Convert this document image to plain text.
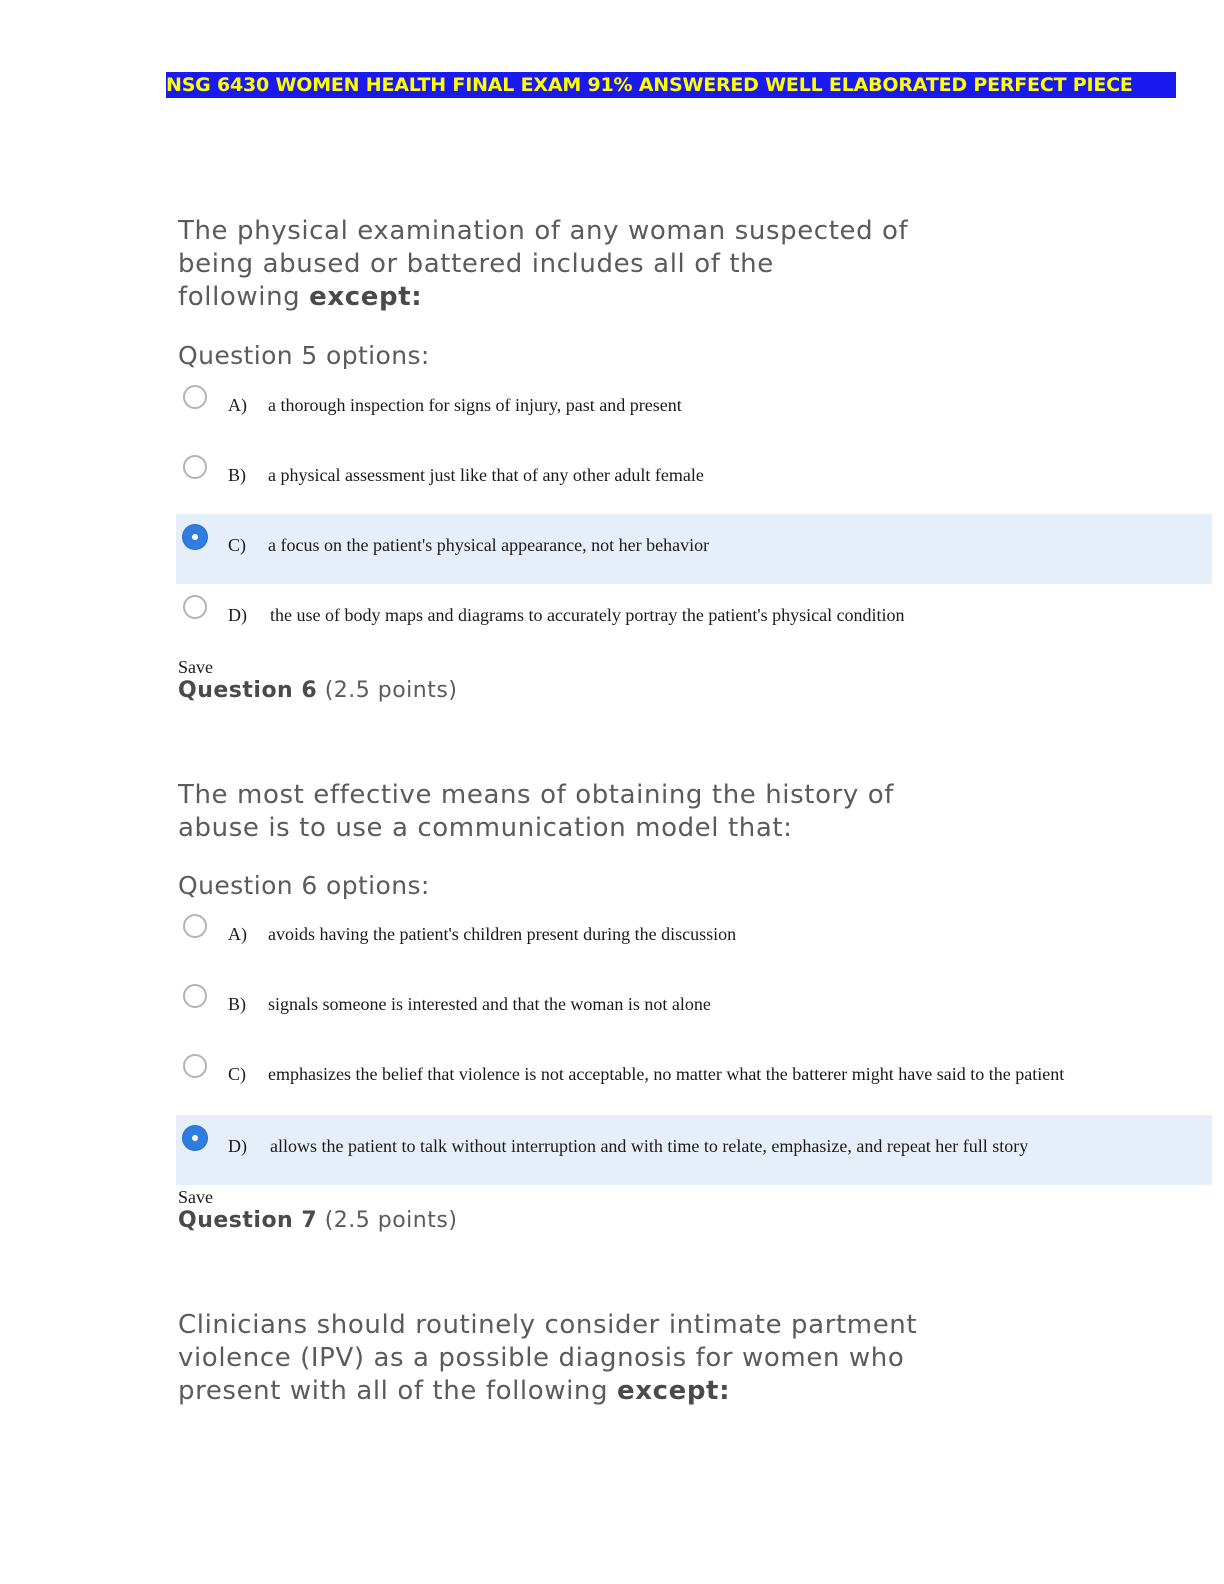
NSG 6430 WOMEN HEALTH FINAL EXAM 91% ANSWERED WELL ELABORATED PERFECT PIECE

The physical examination of any woman suspected of
being abused or battered includes all of the
following except:

Question 5 options:
A) a thorough inspection for signs of injury, past and present
B) a physical assessment just like that of any other adult female
C) a focus on the patient's physical appearance, not her behavior
D) the use of body maps and diagrams to accurately portray the patient's physical condition
Save
Question 6 (2.5 points)

The most effective means of obtaining the history of
abuse is to use a communication model that:

Question 6 options:
A) avoids having the patient's children present during the discussion
B) signals someone is interested and that the woman is not alone
C) emphasizes the belief that violence is not acceptable, no matter what the batterer might have said to the patient
D) allows the patient to talk without interruption and with time to relate, emphasize, and repeat her full story
Save
Question 7 (2.5 points)

Clinicians should routinely consider intimate partment
violence (IPV) as a possible diagnosis for women who
present with all of the following except:
